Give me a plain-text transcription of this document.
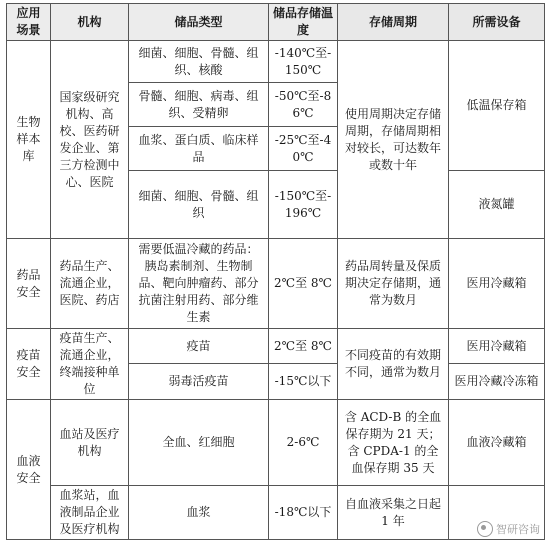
应用场景	机构	储品类型	储品存储温度	存储周期	所需设备
生物样本库	国家级研究机构、高校、医药研发企业、第三方检测中心、医院	细菌、细胞、骨髓、组织、核酸	-140℃至-150℃	使用周期决定存储周期，存储周期相对较长，可达数年或数十年	低温保存箱
		骨髓、细胞、病毒、组织、受精卵	-50℃至-86℃		
		血浆、蛋白质、临床样品	-25℃至-40℃		
		细菌、细胞、骨髓、组织	-150℃至-196℃		液氮罐
药品安全	药品生产、流通企业，医院、药店	需要低温冷藏的药品：胰岛素制剂、生物制品、靶向肿瘤药、部分抗菌注射用药、部分维生素	2℃至 8℃	药品周转量及保质期决定存储期，通常为数月	医用冷藏箱
疫苗安全	疫苗生产、流通企业，终端接种单位	疫苗	2℃至 8℃	不同疫苗的有效期不同，通常为数月	医用冷藏箱
		弱毒活疫苗	-15℃以下		医用冷藏冷冻箱
血液安全	血站及医疗机构	全血、红细胞	2-6℃	含 ACD-B 的全血保存期为 21 天；含 CPDA-1 的全血保存期 35 天	血液冷藏箱
	血浆站，血液制品企业及医疗机构	血浆	-18℃以下	自血液采集之日起 1 年	
智研咨询
